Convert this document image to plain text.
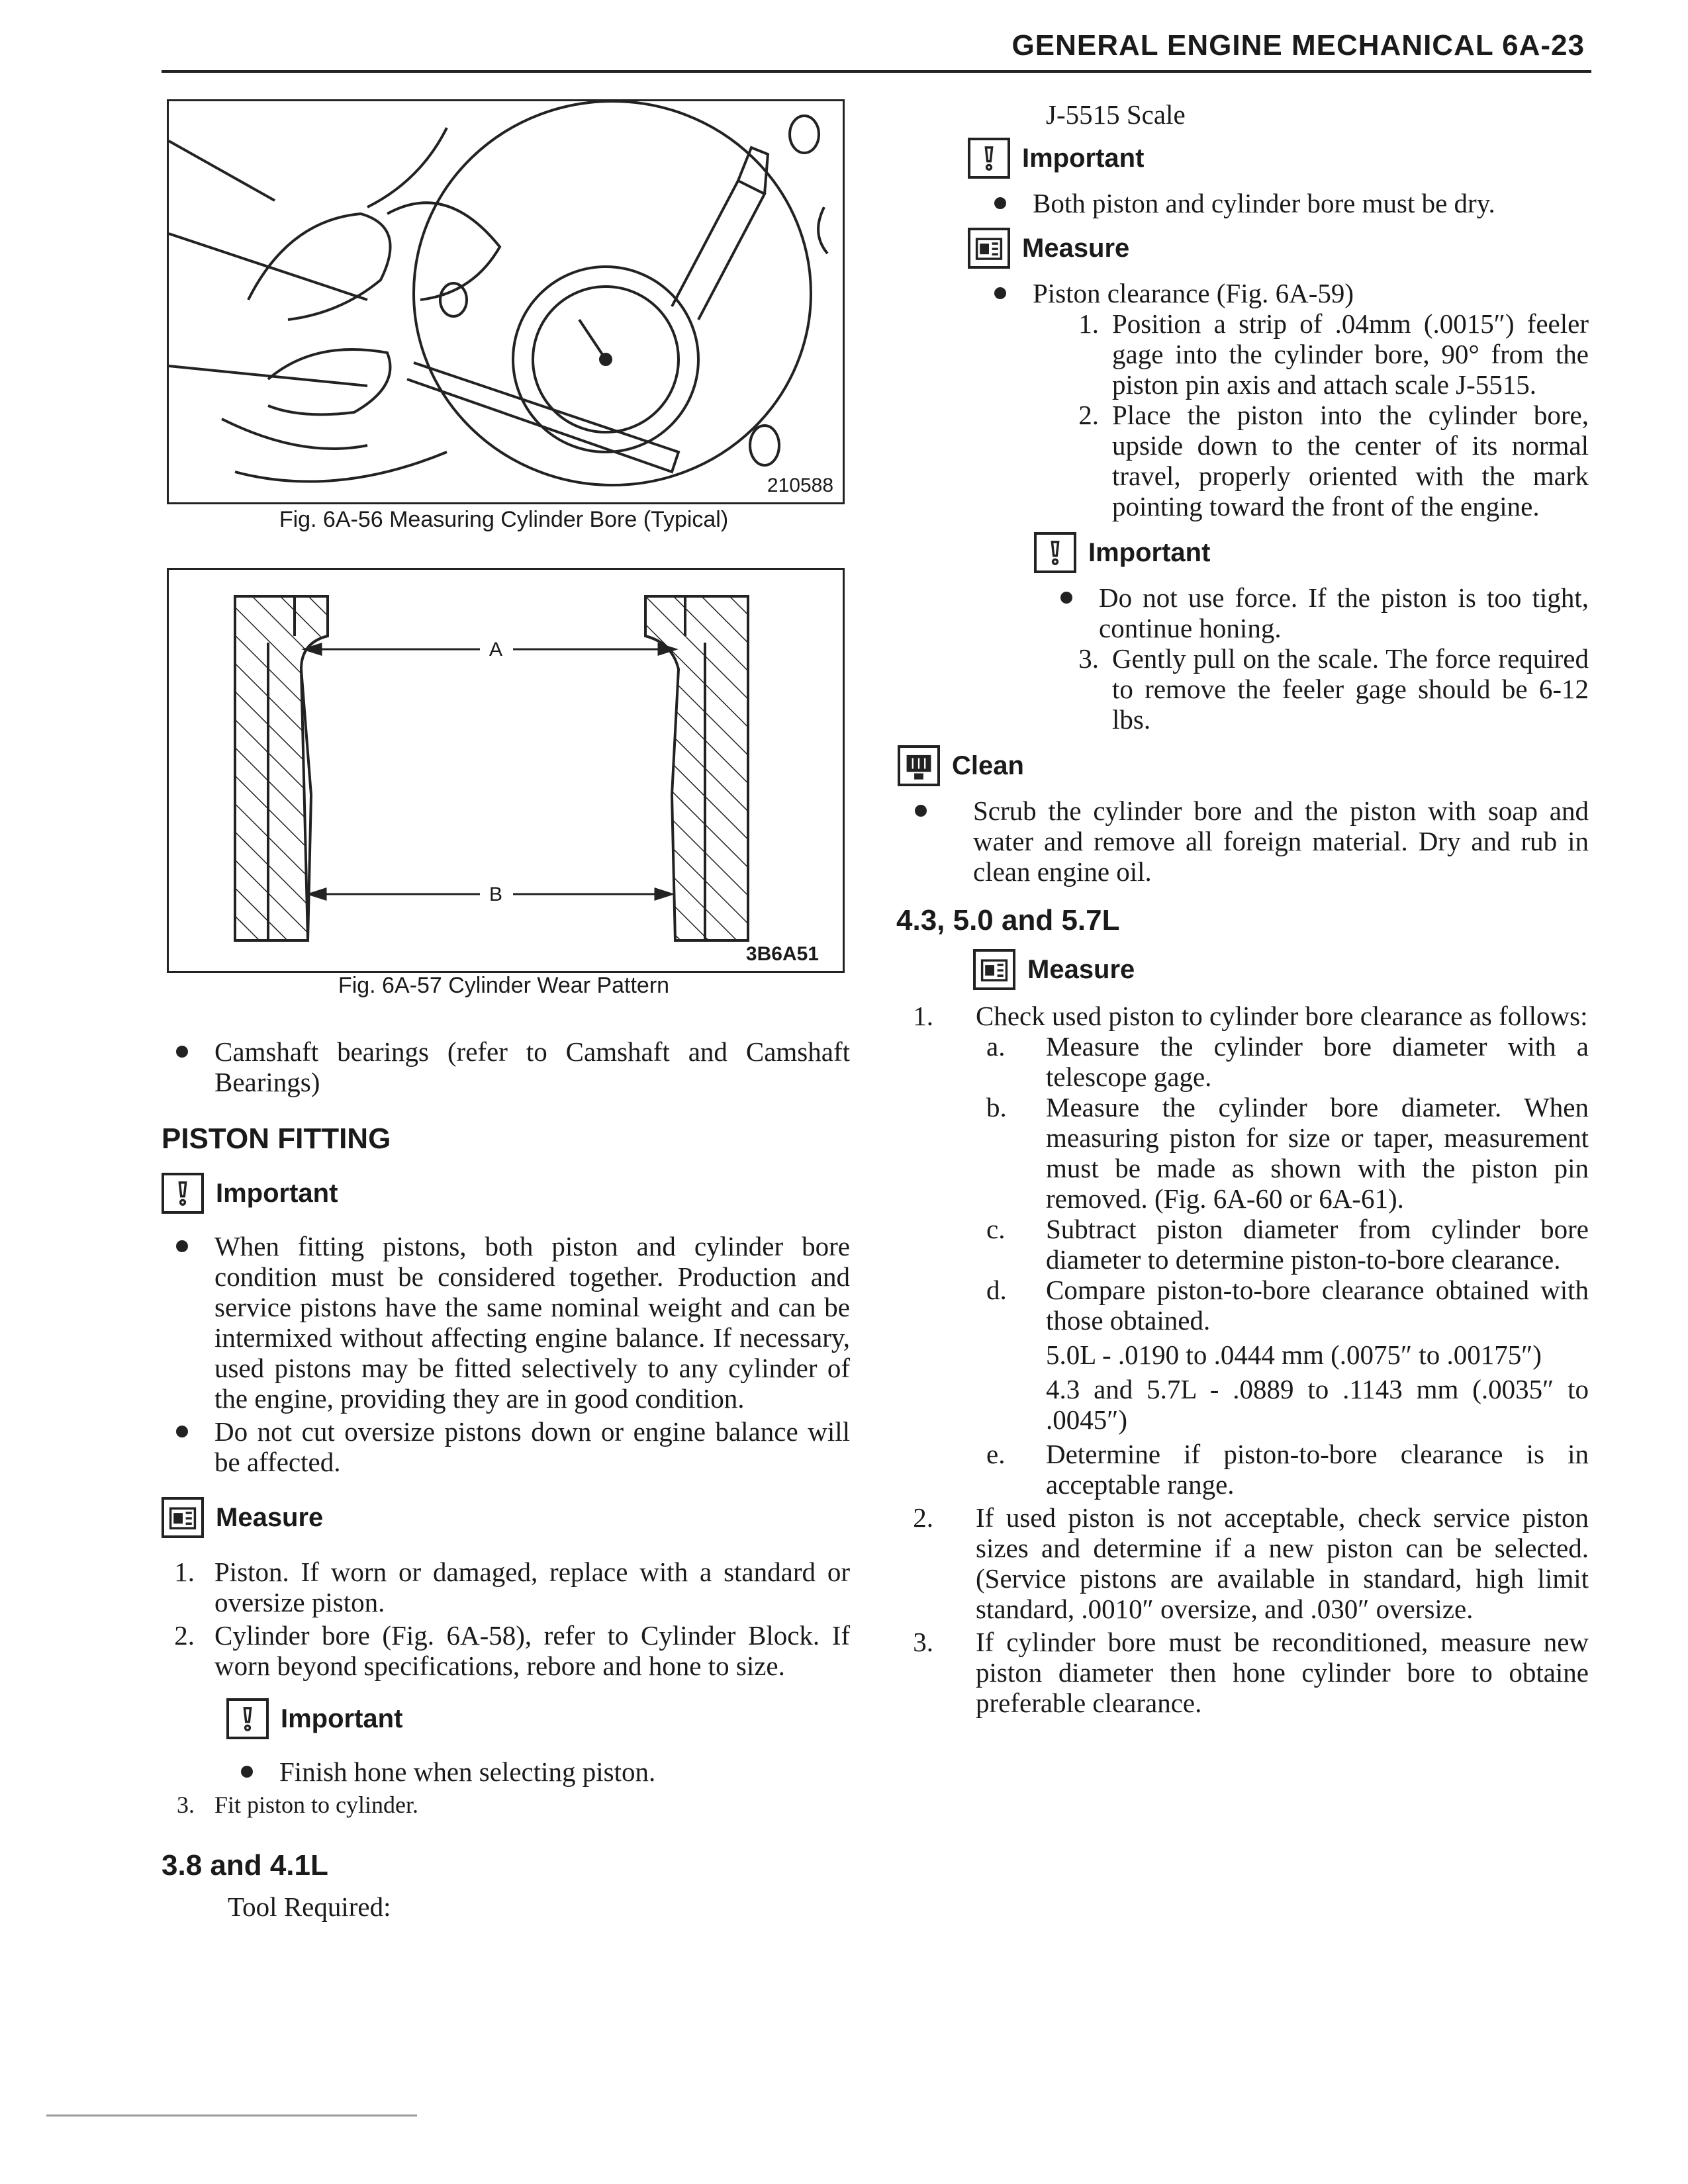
GENERAL ENGINE MECHANICAL 6A-23
210588
Fig. 6A-56 Measuring Cylinder Bore (Typical)
A
B
3B6A51
Fig. 6A-57 Cylinder Wear Pattern
Camshaft bearings (refer to Camshaft and Camshaft Bearings)
PISTON FITTING
Important
When fitting pistons, both piston and cylinder bore condition must be considered together. Production and service pistons have the same nominal weight and can be intermixed without affecting engine balance. If necessary, used pistons may be fitted selectively to any cylinder of the engine, providing they are in good condition.
Do not cut oversize pistons down or engine balance will be affected.
Measure
1. Piston. If worn or damaged, replace with a standard or oversize piston.
2. Cylinder bore (Fig. 6A-58), refer to Cylinder Block. If worn beyond specifications, rebore and hone to size.
Important
Finish hone when selecting piston.
3. Fit piston to cylinder.
3.8 and 4.1L
Tool Required:
J-5515 Scale
Important
Both piston and cylinder bore must be dry.
Measure
Piston clearance (Fig. 6A-59)
1. Position a strip of .04mm (.0015″) feeler gage into the cylinder bore, 90° from the piston pin axis and attach scale J-5515.
2. Place the piston into the cylinder bore, upside down to the center of its normal travel, properly oriented with the mark pointing toward the front of the engine.
Important
Do not use force. If the piston is too tight, continue honing.
3. Gently pull on the scale. The force required to remove the feeler gage should be 6-12 lbs.
Clean
Scrub the cylinder bore and the piston with soap and water and remove all foreign material. Dry and rub in clean engine oil.
4.3, 5.0 and 5.7L
Measure
1. Check used piston to cylinder bore clearance as follows:
a. Measure the cylinder bore diameter with a telescope gage.
b. Measure the cylinder bore diameter. When measuring piston for size or taper, measurement must be made as shown with the piston pin removed. (Fig. 6A-60 or 6A-61).
c. Subtract piston diameter from cylinder bore diameter to determine piston-to-bore clearance.
d. Compare piston-to-bore clearance obtained with those obtained.
5.0L - .0190 to .0444 mm (.0075″ to .00175″)
4.3 and 5.7L - .0889 to .1143 mm (.0035″ to .0045″)
e. Determine if piston-to-bore clearance is in acceptable range.
2. If used piston is not acceptable, check service piston sizes and determine if a new piston can be selected. (Service pistons are available in standard, high limit standard, .0010″ oversize, and .030″ oversize.
3. If cylinder bore must be reconditioned, measure new piston diameter then hone cylinder bore to obtaine preferable clearance.
